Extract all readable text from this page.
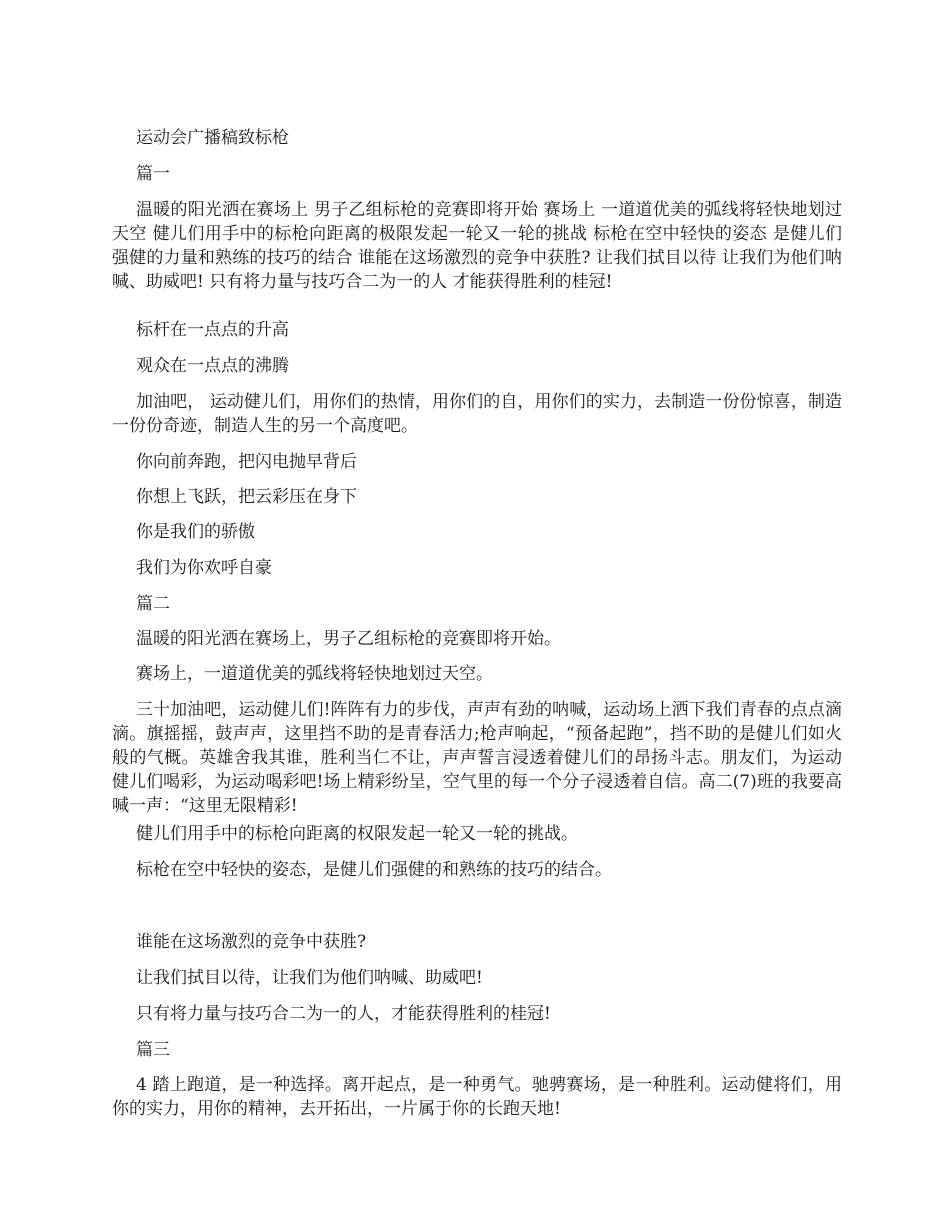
运动会广播稿致标枪

篇一

温暖的阳光洒在赛场上 男子乙组标枪的竞赛即将开始 赛场上 一道道优美的弧线将轻快地划过天空 健儿们用手中的标枪向距离的极限发起一轮又一轮的挑战 标枪在空中轻快的姿态 是健儿们强健的力量和熟练的技巧的结合 谁能在这场激烈的竞争中获胜? 让我们拭目以待 让我们为他们呐喊、助威吧! 只有将力量与技巧合二为一的人 才能获得胜利的桂冠!

标杆在一点点的升高

观众在一点点的沸腾

加油吧， 运动健儿们，用你们的热情，用你们的自，用你们的实力，去制造一份份惊喜，制造一份份奇迹，制造人生的另一个高度吧。

你向前奔跑，把闪电抛早背后

你想上飞跃，把云彩压在身下

你是我们的骄傲

我们为你欢呼自豪

篇二

温暖的阳光洒在赛场上，男子乙组标枪的竞赛即将开始。

赛场上，一道道优美的弧线将轻快地划过天空。

三十加油吧，运动健儿们!阵阵有力的步伐，声声有劲的呐喊，运动场上洒下我们青春的点点滴滴。旗摇摇，鼓声声，这里挡不助的是青春活力;枪声响起，“预备起跑”，挡不助的是健儿们如火般的气概。英雄舍我其谁，胜利当仁不让，声声誓言浸透着健儿们的昂扬斗志。朋友们，为运动健儿们喝彩，为运动喝彩吧!场上精彩纷呈，空气里的每一个分子浸透着自信。高二(7)班的我要高喊一声：“这里无限精彩!

健儿们用手中的标枪向距离的权限发起一轮又一轮的挑战。

标枪在空中轻快的姿态，是健儿们强健的和熟练的技巧的结合。

谁能在这场激烈的竞争中获胜?

让我们拭目以待，让我们为他们呐喊、助威吧!

只有将力量与技巧合二为一的人，才能获得胜利的桂冠!

篇三

4 踏上跑道，是一种选择。离开起点，是一种勇气。驰骋赛场，是一种胜利。运动健将们，用你的实力，用你的精神，去开拓出，一片属于你的长跑天地!
